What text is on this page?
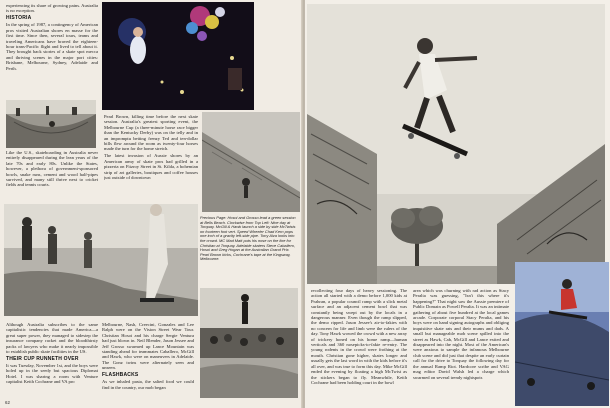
experiencing its share of growing pains. Australia is no exception.

HISTORIA

In the spring of 1987, a contingency of American pros visited Australian shores en masse for the first time. Since then, several tours, teams and traveling Americans have braved the eighteen-hour trans-Pacific flight and lived to tell about it. They brought back stories of a skate spot mecca and thriving scenes in the major port cities: Brisbane, Melbourne, Sydney, Adelaide and Perth.

Like the U.S., skateboarding in Australia never entirely disappeared during the lean years of the late 70s and early 80s. Unlike the States, however, a plethora of government-sponsored bowls, snake runs, cement and wood half-pipes survived, and many still thrive next to cricket fields and tennis courts.

Pearl Brown, killing time before the next skate session. Australia's greatest sporting event, the Melbourne Cup (a three-minute horse race bigger than the Kentucky Derby) was on the telly and in an impromptu betting frenzy Ted and ten-dollar bills flew around the room as twenty-four horses made the turn for the home stretch.

The latest invasion of Aussie shores by an American army of skate pros had grilled in a pizzeria on Fitzroy Street in St. Kilda, a bohemian strip of art galleries, boutiques and coffee houses just outside of downtown

Although Australia subscribes to the same capitalistic tendencies that made America—a great super power, they managed to sidestep the insurance company racket and the bloodthirsty packs of lawyers who make it nearly impossible to establish public skate facilities in the US.

THEIR CUP RUNNETH OVER

It was Tuesday, November 1st, and the boys were holed up in the seedy but spacious Diplomat Hotel. I was sharing a room with Venture capitalist Keith Cochrane and VA pro

Melbourne, Nash, Creecini, Gonzales and Lee Ralph were on the Vision Street Wear Tour. Christian Hosoi and his charge Sergie Ventura had just blown in. Neil Blender, Jason Jessee and Jeff Grosso swarmed up Lance Mountain was standing ahead for teammates Caballero, McGill and Hawk, who were on maneuvers in Adelaide. The Gonz twins were alternately seen and unseen.

FLASHBACKS

As we inhaled pasta, the salted food we could find in the country, our mob began

Previous Page: Hosoi and Grosso lead a green session at Bells Beach. Clockwise from Top Left: Nine day at Torquay. McGill & Hawk launch a side by side McTwists on fourteen foot vert. Speed Wheeler Chad Kern pops one inch of a gravity left-side pipe. Tony Alva looks into the crowd. MC Mad Matt puts his nose on the line for Christian at Torquay. Adelaide skaters Steve Caballero, Hosoi and Greg Hogan at the Australian Grand Prix. Pearl Brown kicks, Cochrane's tape at the Kingsway, Melbourne.
62

recollecting four days of heavy sessioning. The action all started with a demo before 1,000 kids at Prahran, a popular council ramp with a slick metal surface and an adjacent cement bowl that was constantly being swept out by the locals in a dangerous manner. Even though the ramp slipped, the demo ripped. Jason Jessee's air-to-fakies with no concern for life and limb were the rulers of the day. Tony Hawk wowed the crowd with a new array of trickery honed on his home ramp—human verticals and 360 nosepicks-to-fakie re-entry. The young rodents in the crowd were frothing at the mouth. Christian gone higher, skates longer and usually gets the last word in with the kids before it's all over, and was true to form this day. Mike McGill ended the evening by floating a high McTwist as the stickers began to fly. Meanwhile, Keith Cochrane had been holding court in the bowl

area which was churning with rad action as Stacy Peralta was guessing, "Isn't this where it's happening?" That night saw the Aussie premiere of Public Domain as Powell Peralta. It was an intimate gathering of about five hundred at the local games arcade. Corporate corporal Stacy Peralta, and his boys were on hand signing autographs and obliging inquisitive skate rats and their mums and dads. A small but manageable mob scene spilled into the street as Hawk, Cab, McGill and Lance exited and disappeared into the night. Most of the American's were anxious to sample the infamous Melbourne club scene and did just that despite an early curtain call for the drive to Torquay the following day for the annual Ramp Riot. Hardcore scribe and VAG mag editor David Walsh led a charge which swarmed on several trendy nightspots
